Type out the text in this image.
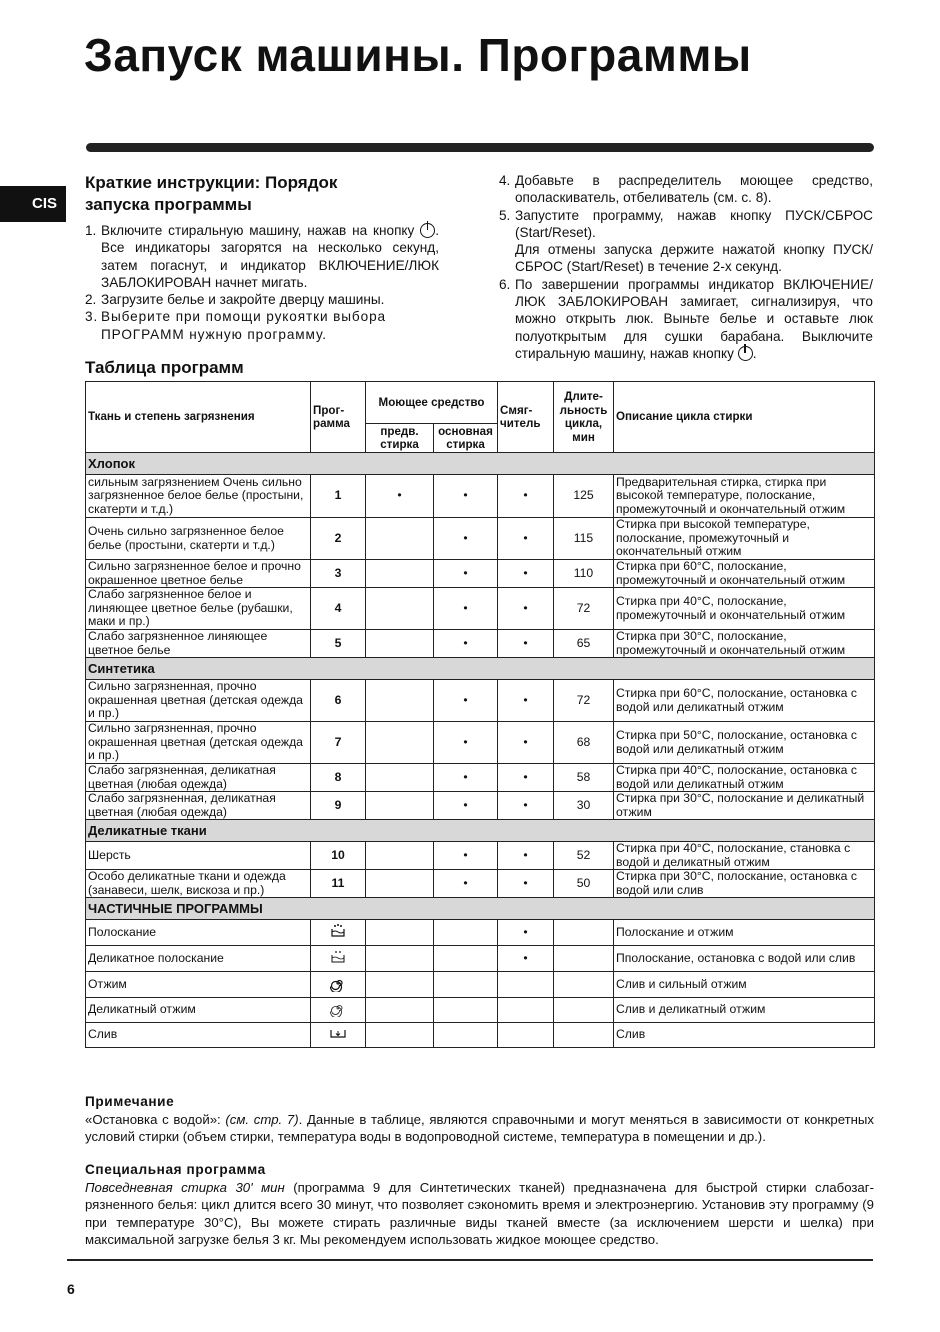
Запуск машины. Программы
CIS
Краткие инструкции: Порядок
запуска программы
1. Включите стиральную машину, нажав на кнопку . Все индикаторы загорятся на несколько секунд, затем погаснут, и индикатор ВКЛЮЧЕНИЕ/ЛЮК ЗАБЛОКИРОВАН начнет мигать.
2. Загрузите белье и закройте дверцу машины.
3. Выберите при помощи рукоятки выбора ПРОГРАММ нужную программу.
Таблица программ
4. Добавьте в распределитель моющее средство, ополаскиватель, отбеливатель (см. с. 8).
5. Запустите программу, нажав кнопку ПУСК/СБРОС (Start/Reset).
Для отмены запуска держите нажатой кнопку ПУСК/ СБРОС (Start/Reset) в течение 2-х секунд.
6. По завершении программы индикатор ВКЛЮЧЕНИЕ/ЛЮК ЗАБЛОКИРОВАН замигает, сигнализируя, что можно открыть люк. Выньте белье и оставьте люк полуоткрытым для сушки барабана. Выключите стиральную машину, нажав кнопку .
Ткань и степень загрязнения	Прог- рамма	Моющее средство		Смяг- читель	Длите- льность цикла, мин	Описание цикла стирки
		предв. стирка	основная стирка			
Хлопок						
сильным загрязнением Очень сильно загрязненное белое белье (простыни, скатерти и т.д.)	1	•	•	•	125	Предварительная стирка, стирка при высокой температуре, полоскание, промежуточный и окончательный отжим
Очень сильно загрязненное белое белье (простыни, скатерти и т.д.)	2		•	•	115	Стирка при высокой температуре, полоскание, промежуточный и окончательный отжим
Сильно загрязненное белое и прочно окрашенное цветное белье	3		•	•	110	Стирка при 60°C, полоскание, промежуточный и окончательный отжим
Слабо загрязненное белое и линяющее цветное белье (рубашки, маки и пр.)	4		•	•	72	Стирка при 40°C, полоскание, промежуточный и окончательный отжим
Слабо загрязненное линяющее цветное белье	5		•	•	65	Стирка при 30°C, полоскание, промежуточный и окончательный отжим
Синтетика						
Сильно загрязненная, прочно окрашенная цветная (детская одежда и пр.)	6		•	•	72	Стирка при 60°C, полоскание, остановка с водой или деликатный отжим
Сильно загрязненная, прочно окрашенная цветная (детская одежда и пр.)	7		•	•	68	Стирка при 50°C, полоскание, остановка с водой или деликатный отжим
Слабо загрязненная, деликатная цветная (любая одежда)	8		•	•	58	Стирка при 40°C, полоскание, остановка с водой или деликатный отжим
Слабо загрязненная, деликатная цветная (любая одежда)	9		•	•	30	Стирка при 30°C, полоскание и деликатный отжим
Деликатные ткани						
Шерсть	10		•	•	52	Стирка при 40°C, полоскание, становка с водой и деликатный отжим
Особо деликатные ткани и одежда (занавеси, шелк, вискоза и пр.)	11		•	•	50	Стирка при 30°C, полоскание, остановка с водой или слив
ЧАСТИЧНЫЕ ПРОГРАММЫ						
Полоскание				•		Полоскание и отжим
Деликатное полоскание				•		Пполоскание, остановка с водой или слив
Отжим						Слив и сильный отжим
Деликатный отжим						Слив и деликатный отжим
Слив						Слив
Примечание
«Остановка с водой»: (см. стр. 7). Данные в таблице, являются справочными и могут меняться в зависимости от конкретных условий стирки (объем стирки, температура воды в водопроводной системе, температура в помещении и др.).
Специальная программа
Повседневная стирка 30' мин (программа 9 для Синтетических тканей) предназначена для быстрой стирки слабозагрязненного белья: цикл длится всего 30 минут, что позволяет сэкономить время и электроэнергию. Установив эту программу (9 при температуре 30°C), Вы можете стирать различные виды тканей вместе (за исключением шерсти и шелка) при максимальной загрузке белья 3 кг. Мы рекомендуем использовать жидкое моющее средство.
6
